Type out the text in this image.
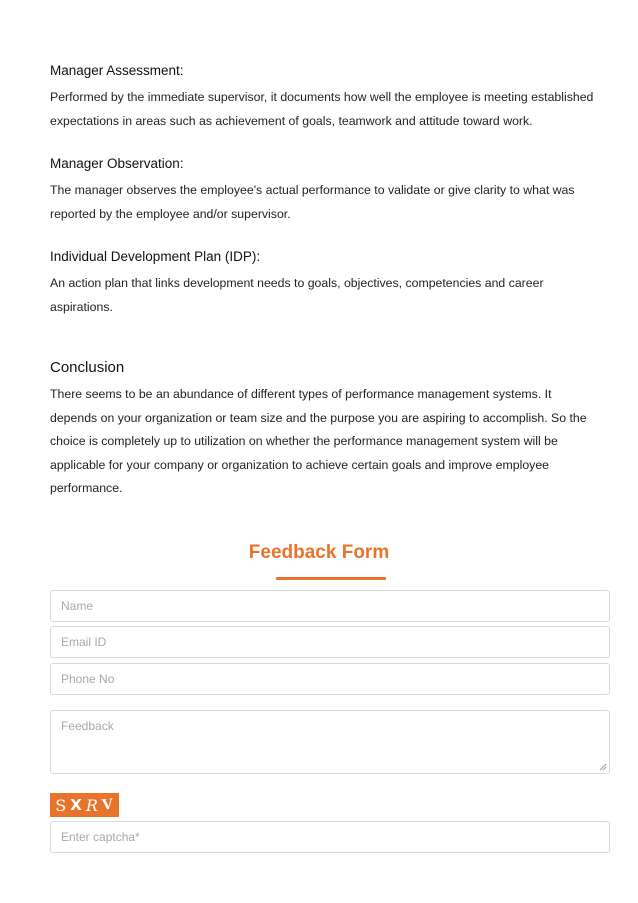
Manager Assessment:

Performed by the immediate supervisor, it documents how well the employee is meeting established expectations in areas such as achievement of goals, teamwork and attitude toward work.

Manager Observation:

The manager observes the employee's actual performance to validate or give clarity to what was reported by the employee and/or supervisor.

Individual Development Plan (IDP):

An action plan that links development needs to goals, objectives, competencies and career aspirations.

Conclusion

There seems to be an abundance of different types of performance management systems. It depends on your organization or team size and the purpose you are aspiring to accomplish. So the choice is completely up to utilization on whether the performance management system will be applicable for your company or organization to achieve certain goals and improve employee performance.

Feedback Form
Name
Email ID
Phone No
Feedback
S X R V
Enter captcha*
